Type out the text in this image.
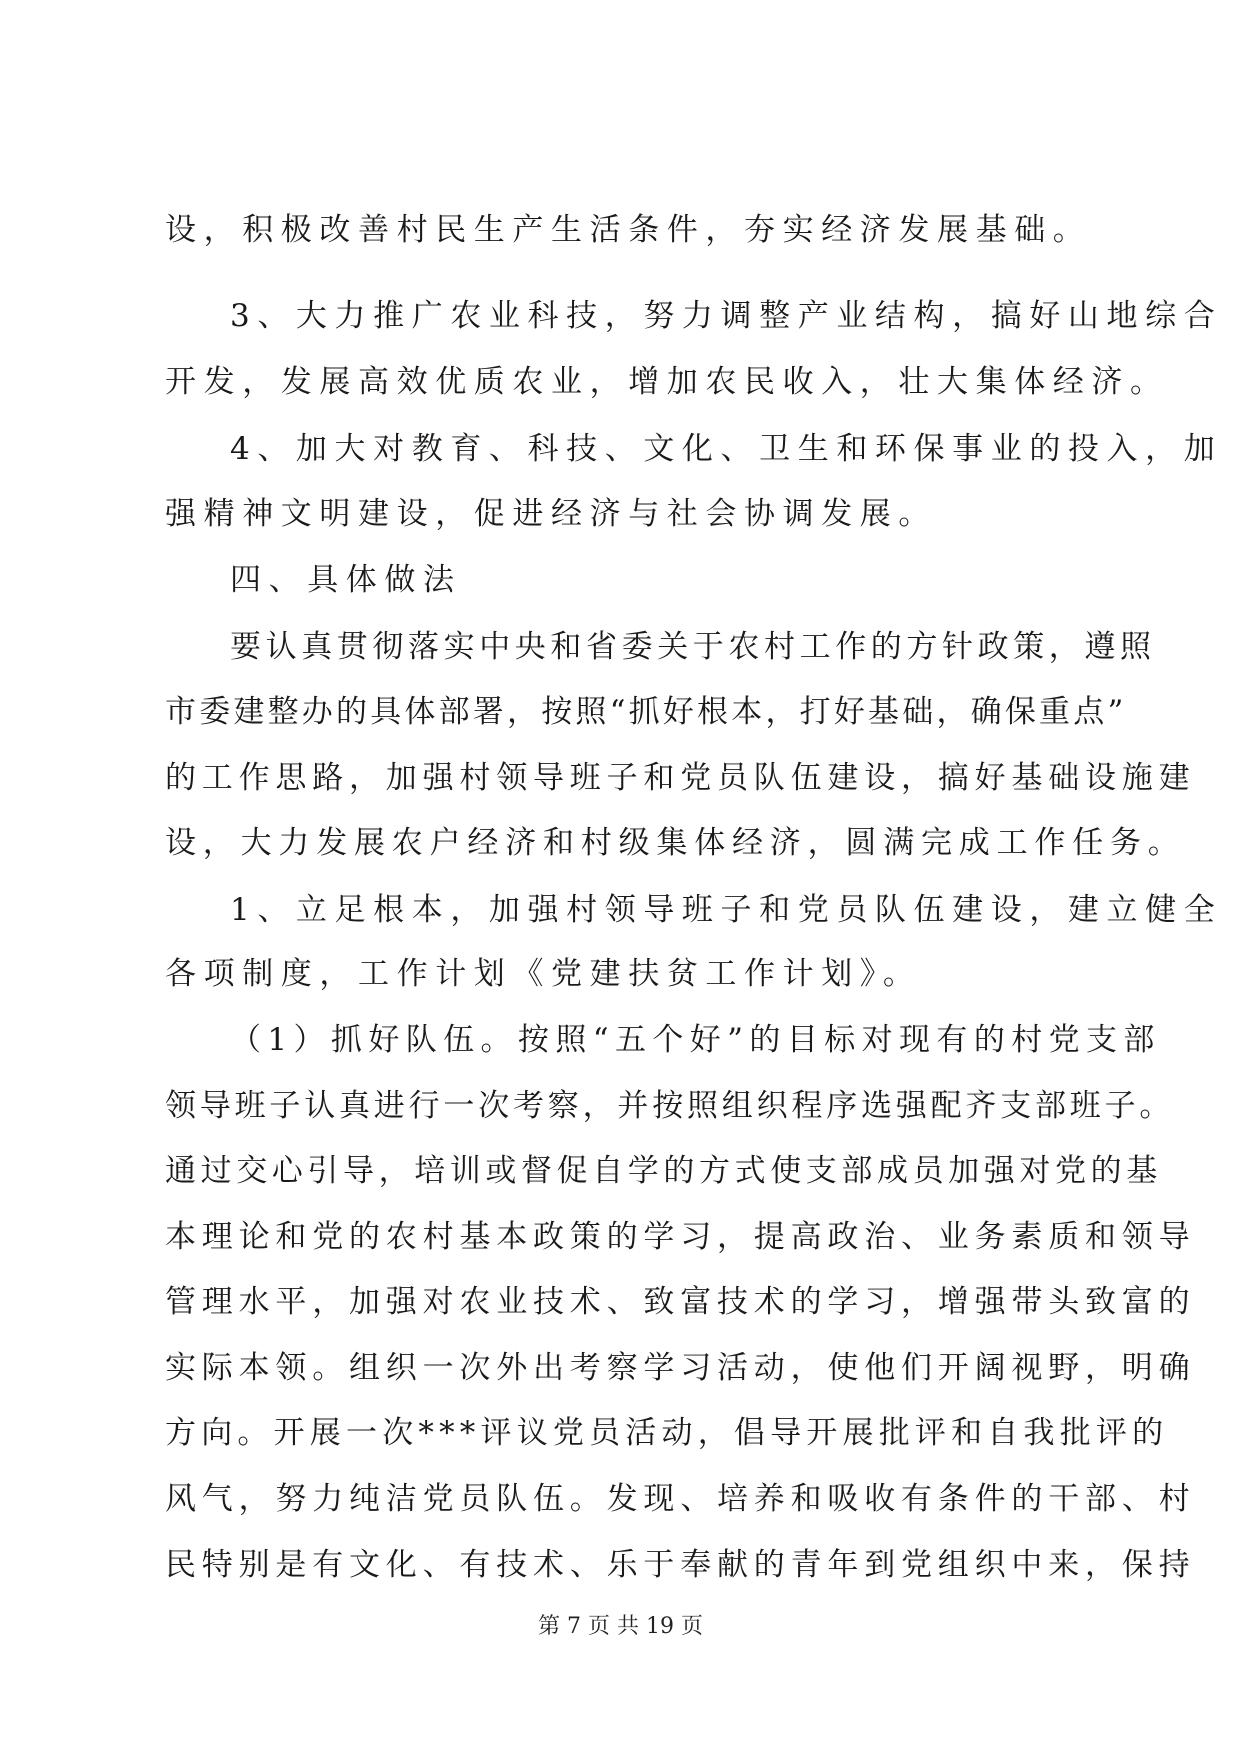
设，积极改善村民生产生活条件，夯实经济发展基础。
3、大力推广农业科技，努力调整产业结构，搞好山地综合
开发，发展高效优质农业，增加农民收入，壮大集体经济。
4、加大对教育、科技、文化、卫生和环保事业的投入，加
强精神文明建设，促进经济与社会协调发展。
四、具体做法
要认真贯彻落实中央和省委关于农村工作的方针政策，遵照
市委建整办的具体部署，按照“抓好根本，打好基础，确保重点”
的工作思路，加强村领导班子和党员队伍建设，搞好基础设施建
设，大力发展农户经济和村级集体经济，圆满完成工作任务。
1、立足根本，加强村领导班子和党员队伍建设，建立健全
各项制度，工作计划《党建扶贫工作计划》。
（1）抓好队伍。按照“五个好”的目标对现有的村党支部
领导班子认真进行一次考察，并按照组织程序选强配齐支部班子。
通过交心引导，培训或督促自学的方式使支部成员加强对党的基
本理论和党的农村基本政策的学习，提高政治、业务素质和领导
管理水平，加强对农业技术、致富技术的学习，增强带头致富的
实际本领。组织一次外出考察学习活动，使他们开阔视野，明确
方向。开展一次***评议党员活动，倡导开展批评和自我批评的
风气，努力纯洁党员队伍。发现、培养和吸收有条件的干部、村
民特别是有文化、有技术、乐于奉献的青年到党组织中来，保持
第 7 页 共 19 页
